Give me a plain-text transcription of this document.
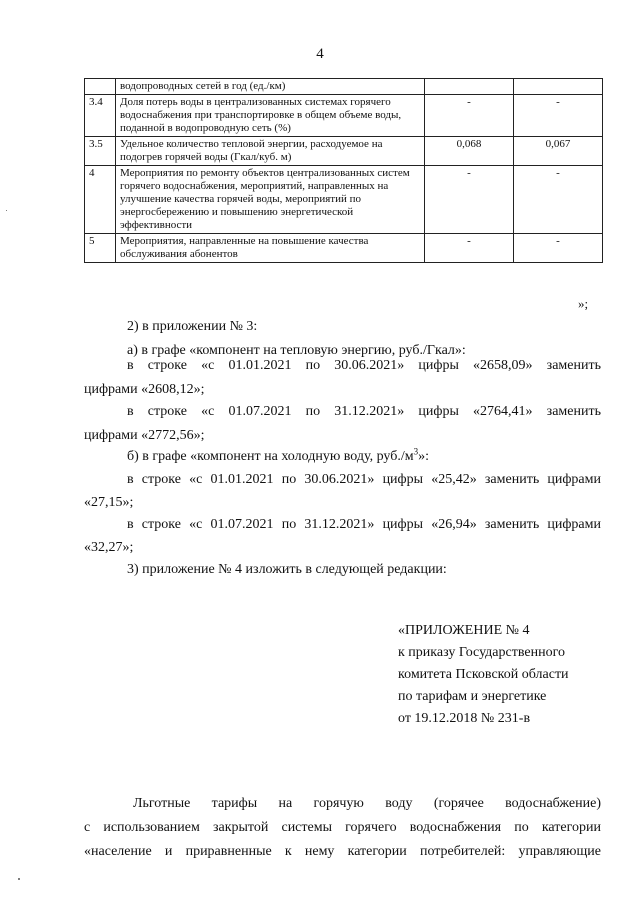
4
	водопроводных сетей в год (ед./км)		
3.4	Доля потерь воды в централизованных системах горячего водоснабжения при транспортировке в общем объеме воды, поданной в водопроводную сеть (%)	-	-
3.5	Удельное количество тепловой энергии, расходуемое на подогрев горячей воды (Гкал/куб. м)	0,068	0,067
4	Мероприятия по ремонту объектов централизованных систем горячего водоснабжения, мероприятий, направленных на улучшение качества горячей воды, мероприятий по энергосбережению и повышению энергетической эффективности	-	-
5	Мероприятия, направленные на повышение качества обслуживания абонентов	-	-
»;
2) в приложении № 3:
а) в графе «компонент на тепловую энергию, руб./Гкал»:
в строке «с 01.01.2021 по 30.06.2021» цифры «2658,09» заменить
цифрами «2608,12»;
в строке «с 01.07.2021 по 31.12.2021» цифры «2764,41» заменить
цифрами «2772,56»;
б) в графе «компонент на холодную воду, $руб./м^3$»:
в строке «с 01.01.2021 по 30.06.2021» цифры «25,42» заменить цифрами
«27,15»;
в строке «с 01.07.2021 по 31.12.2021» цифры «26,94» заменить цифрами
«32,27»;
3) приложение № 4 изложить в следующей редакции:
«ПРИЛОЖЕНИЕ № 4
к приказу Государственного
комитета Псковской области
по тарифам и энергетике
от 19.12.2018 № 231-в
Льготные тарифы на горячую воду (горячее водоснабжение)
с использованием закрытой системы горячего водоснабжения по категории
«население и приравненные к нему категории потребителей: управляющие
